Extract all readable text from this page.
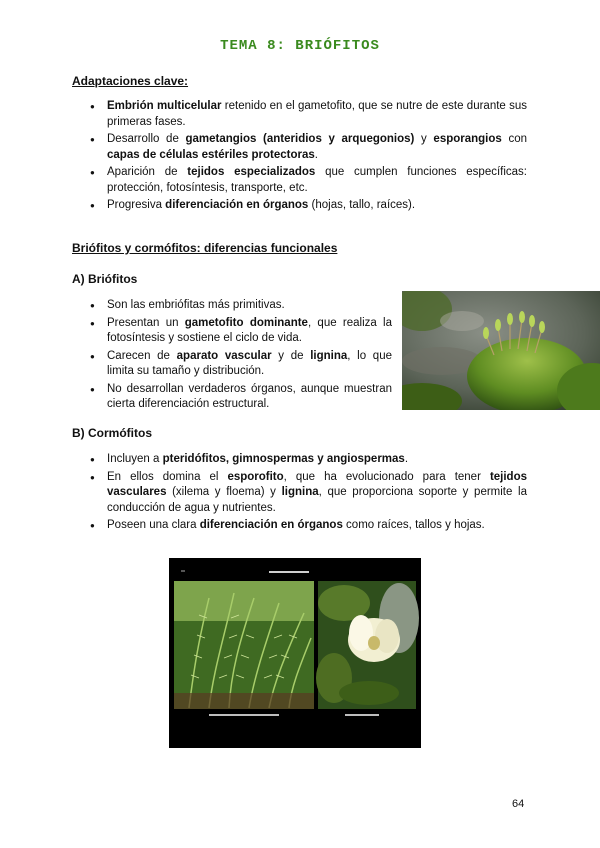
TEMA 8: BRIÓFITOS
Adaptaciones clave:
● Embrión multicelular retenido en el gametofito, que se nutre de este durante sus primeras fases.
● Desarrollo de gametangios (anteridios y arquegonios) y esporangios con capas de células estériles protectoras.
● Aparición de tejidos especializados que cumplen funciones específicas: protección, fotosíntesis, transporte, etc.
● Progresiva diferenciación en órganos (hojas, tallo, raíces).
Briófitos y cormófitos: diferencias funcionales
A) Briófitos
● Son las embriófitas más primitivas.
● Presentan un gametofito dominante, que realiza la fotosíntesis y sostiene el ciclo de vida.
● Carecen de aparato vascular y de lignina, lo que limita su tamaño y distribución.
● No desarrollan verdaderos órganos, aunque muestran cierta diferenciación estructural.
B) Cormófitos
● Incluyen a pteridófitos, gimnospermas y angiospermas.
● En ellos domina el esporofito, que ha evolucionado para tener tejidos vasculares (xilema y floema) y lignina, que proporciona soporte y permite la conducción de agua y nutrientes.
● Poseen una clara diferenciación en órganos como raíces, tallos y hojas.
64
